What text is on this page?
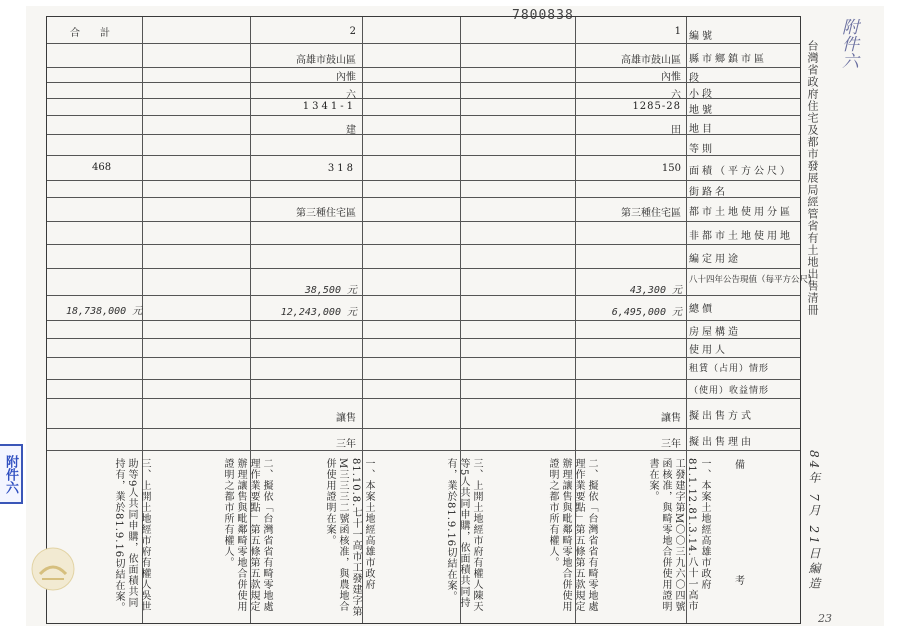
7800838
附件六
附件六
台灣省政府住宅及都市發展局經管省有土地出售清冊
84年 7月 21日編造
23
編號
縣市鄉鎮市區
段
小段
地號
地目
等則
面積（平方公尺）
街路名
都市土地使用分區
非都市土地使用地
編定用途
八十四年公告現值（每平方公尺）
總價
房屋構造
使用人
租賃（占用）情形
（使用）收益情形
擬出售方式
擬出售理由
備
考
合計
468
18,738,000 元
2
高雄市鼓山區
內惟
六
1341-1
建
318
第三種住宅區
38,500 元
12,243,000 元
讓售
三年
1
高雄市鼓山區
內惟
六
1285-28
田
150
第三種住宅區
43,300 元
6,495,000 元
讓售
三年
一、本案土地經高雄市政府81.1.12.81.3.14.八十一高市工發建字第M〇〇三九六〇四號函核准，與畸零地合併使用證明書在案。
二、擬依「台灣省省有畸零地處理作業要點」第五條第五款規定辦理讓售與毗鄰畸零地合併使用證明之都市所有權人。
三、上開土地經市府有權人陳天等5人共同申購，依面積共同持有，業於81.9.16切結在案。
一、本案土地經高雄市政府81.10.8.七十一高市工發建字第M三三三二號函核准，與農地合併使用證明在案。
二、擬依「台灣省省有畸零地處理作業要點」第五條第五款規定辦理讓售與毗鄰畸零地合併使用證明之都市所有權人。
三、上開土地經市府有權人吳世助等9人共同申購，依面積共同持有，業於81.9.16切結在案。
